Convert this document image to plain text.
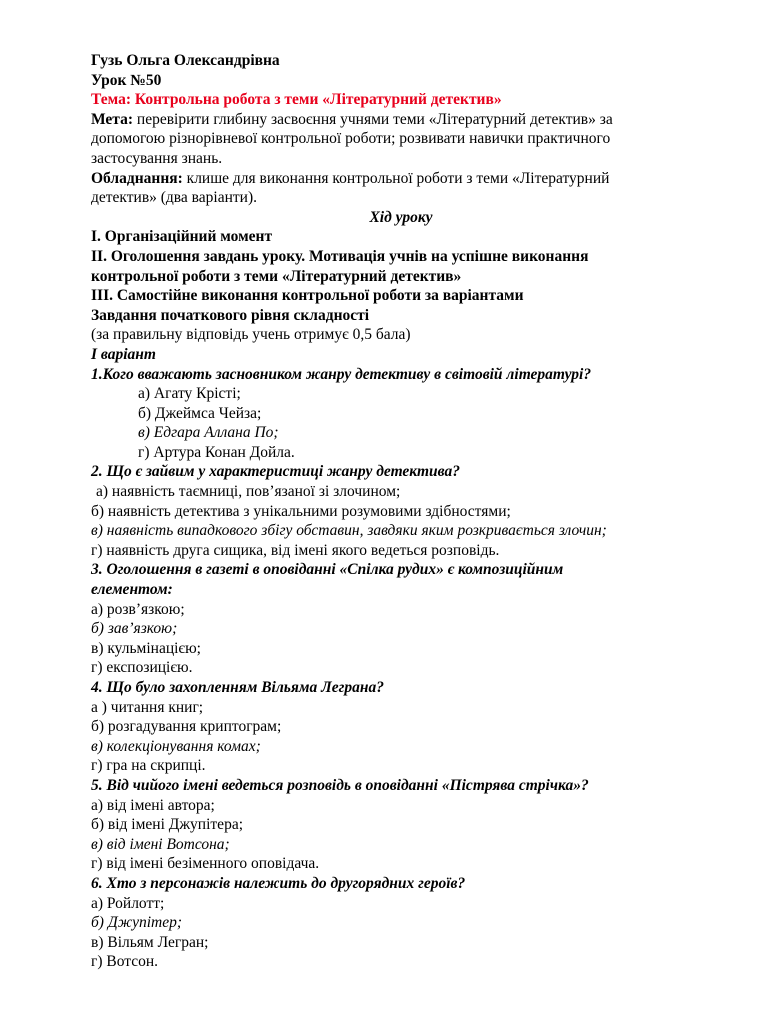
Гузь Ольга Олександрівна
Урок №50
Тема: Контрольна робота з теми «Літературний детектив»
Мета: перевірити глибину засвоєння учнями теми «Літературний детектив» за
допомогою різнорівневої контрольної роботи; розвивати навички практичного
застосування знань.
Обладнання: клише для виконання контрольної роботи з теми «Літературний
детектив» (два варіанти).
Хід уроку
І. Організаційний момент
ІІ. Оголошення завдань уроку. Мотивація учнів на успішне виконання
контрольної роботи з теми «Літературний детектив»
ІІІ. Самостійне виконання контрольної роботи за варіантами
Завдання початкового рівня складності
(за правильну відповідь учень отримує 0,5 бала)
І варіант
1.Кого вважають засновником жанру детективу в світовій літературі?
а) Агату Крісті;
б) Джеймса Чейза;
в) Едгара Аллана По;
г) Артура Конан Дойла.
2. Що є зайвим у характеристиці жанру детектива?
а) наявність таємниці, пов’язаної зі злочином;
б) наявність детектива з унікальними розумовими здібностями;
в) наявність випадкового збігу обставин, завдяки яким розкривається злочин;
г) наявність друга сищика, від імені якого ведеться розповідь.
3. Оголошення в газеті в оповіданні «Спілка рудих» є композиційним
елементом:
а) розв’язкою;
б) зав’язкою;
в) кульмінацією;
г) експозицією.
4. Що було захопленням Вільяма Леграна?
а ) читання книг;
б) розгадування криптограм;
в) колекціонування комах;
г) гра на скрипці.
5. Від чийого імені ведеться розповідь в оповіданні «Пістрява стрічка»?
а) від імені автора;
б) від імені Джупітера;
в) від імені Вотсона;
г) від імені безіменного оповідача.
6. Хто з персонажів належить до другорядних героїв?
а) Ройлотт;
б) Джупітер;
в) Вільям Легран;
г) Вотсон.
